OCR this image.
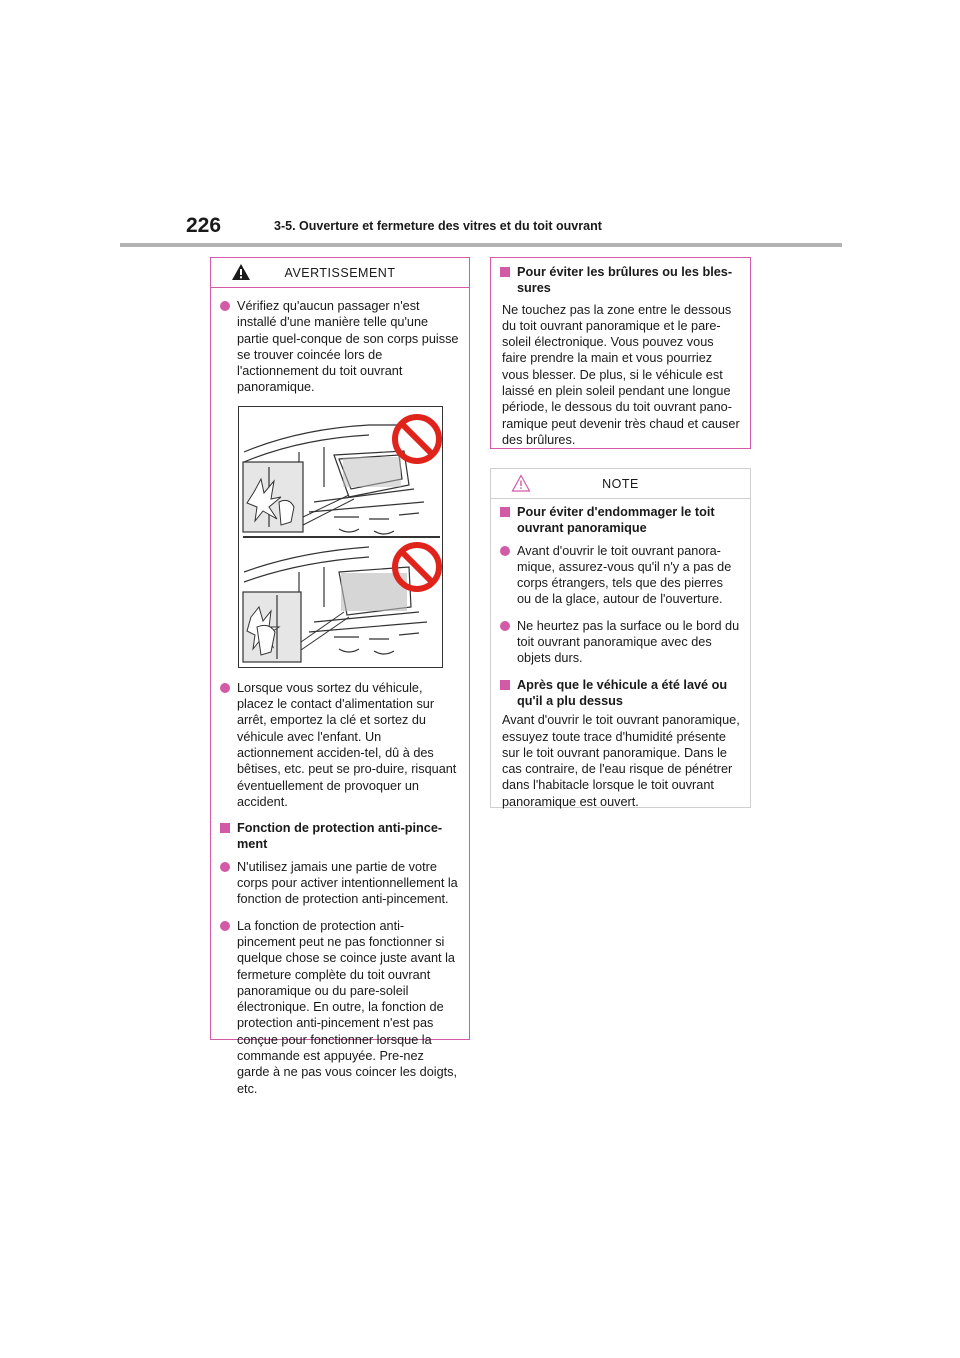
226	3-5. Ouverture et fermeture des vitres et du toit ouvrant
AVERTISSEMENT
Vérifiez qu'aucun passager n'est installé d'une manière telle qu'une partie quel-conque de son corps puisse se trouver coincée lors de l'actionnement du toit ouvrant panoramique.
Lorsque vous sortez du véhicule, placez le contact d'alimentation sur arrêt, emportez la clé et sortez du véhicule avec l'enfant. Un actionnement acciden-tel, dû à des bêtises, etc. peut se pro-duire, risquant éventuellement de provoquer un accident.
Fonction de protection anti-pince-ment
N'utilisez jamais une partie de votre corps pour activer intentionnellement la fonction de protection anti-pincement.
La fonction de protection anti-pincement peut ne pas fonctionner si quelque chose se coince juste avant la fermeture complète du toit ouvrant panoramique ou du pare-soleil électronique. En outre, la fonction de protection anti-pincement n'est pas conçue pour fonctionner lorsque la commande est appuyée. Pre-nez garde à ne pas vous coincer les doigts, etc.
Pour éviter les brûlures ou les bles-sures
Ne touchez pas la zone entre le dessous du toit ouvrant panoramique et le pare-soleil électronique. Vous pouvez vous faire prendre la main et vous pourriez vous blesser. De plus, si le véhicule est laissé en plein soleil pendant une longue période, le dessous du toit ouvrant pano-ramique peut devenir très chaud et causer des brûlures.
NOTE
Pour éviter d'endommager le toit ouvrant panoramique
Avant d'ouvrir le toit ouvrant panora-mique, assurez-vous qu'il n'y a pas de corps étrangers, tels que des pierres ou de la glace, autour de l'ouverture.
Ne heurtez pas la surface ou le bord du toit ouvrant panoramique avec des objets durs.
Après que le véhicule a été lavé ou qu'il a plu dessus
Avant d'ouvrir le toit ouvrant panoramique, essuyez toute trace d'humidité présente sur le toit ouvrant panoramique. Dans le cas contraire, de l'eau risque de pénétrer dans l'habitacle lorsque le toit ouvrant panoramique est ouvert.
